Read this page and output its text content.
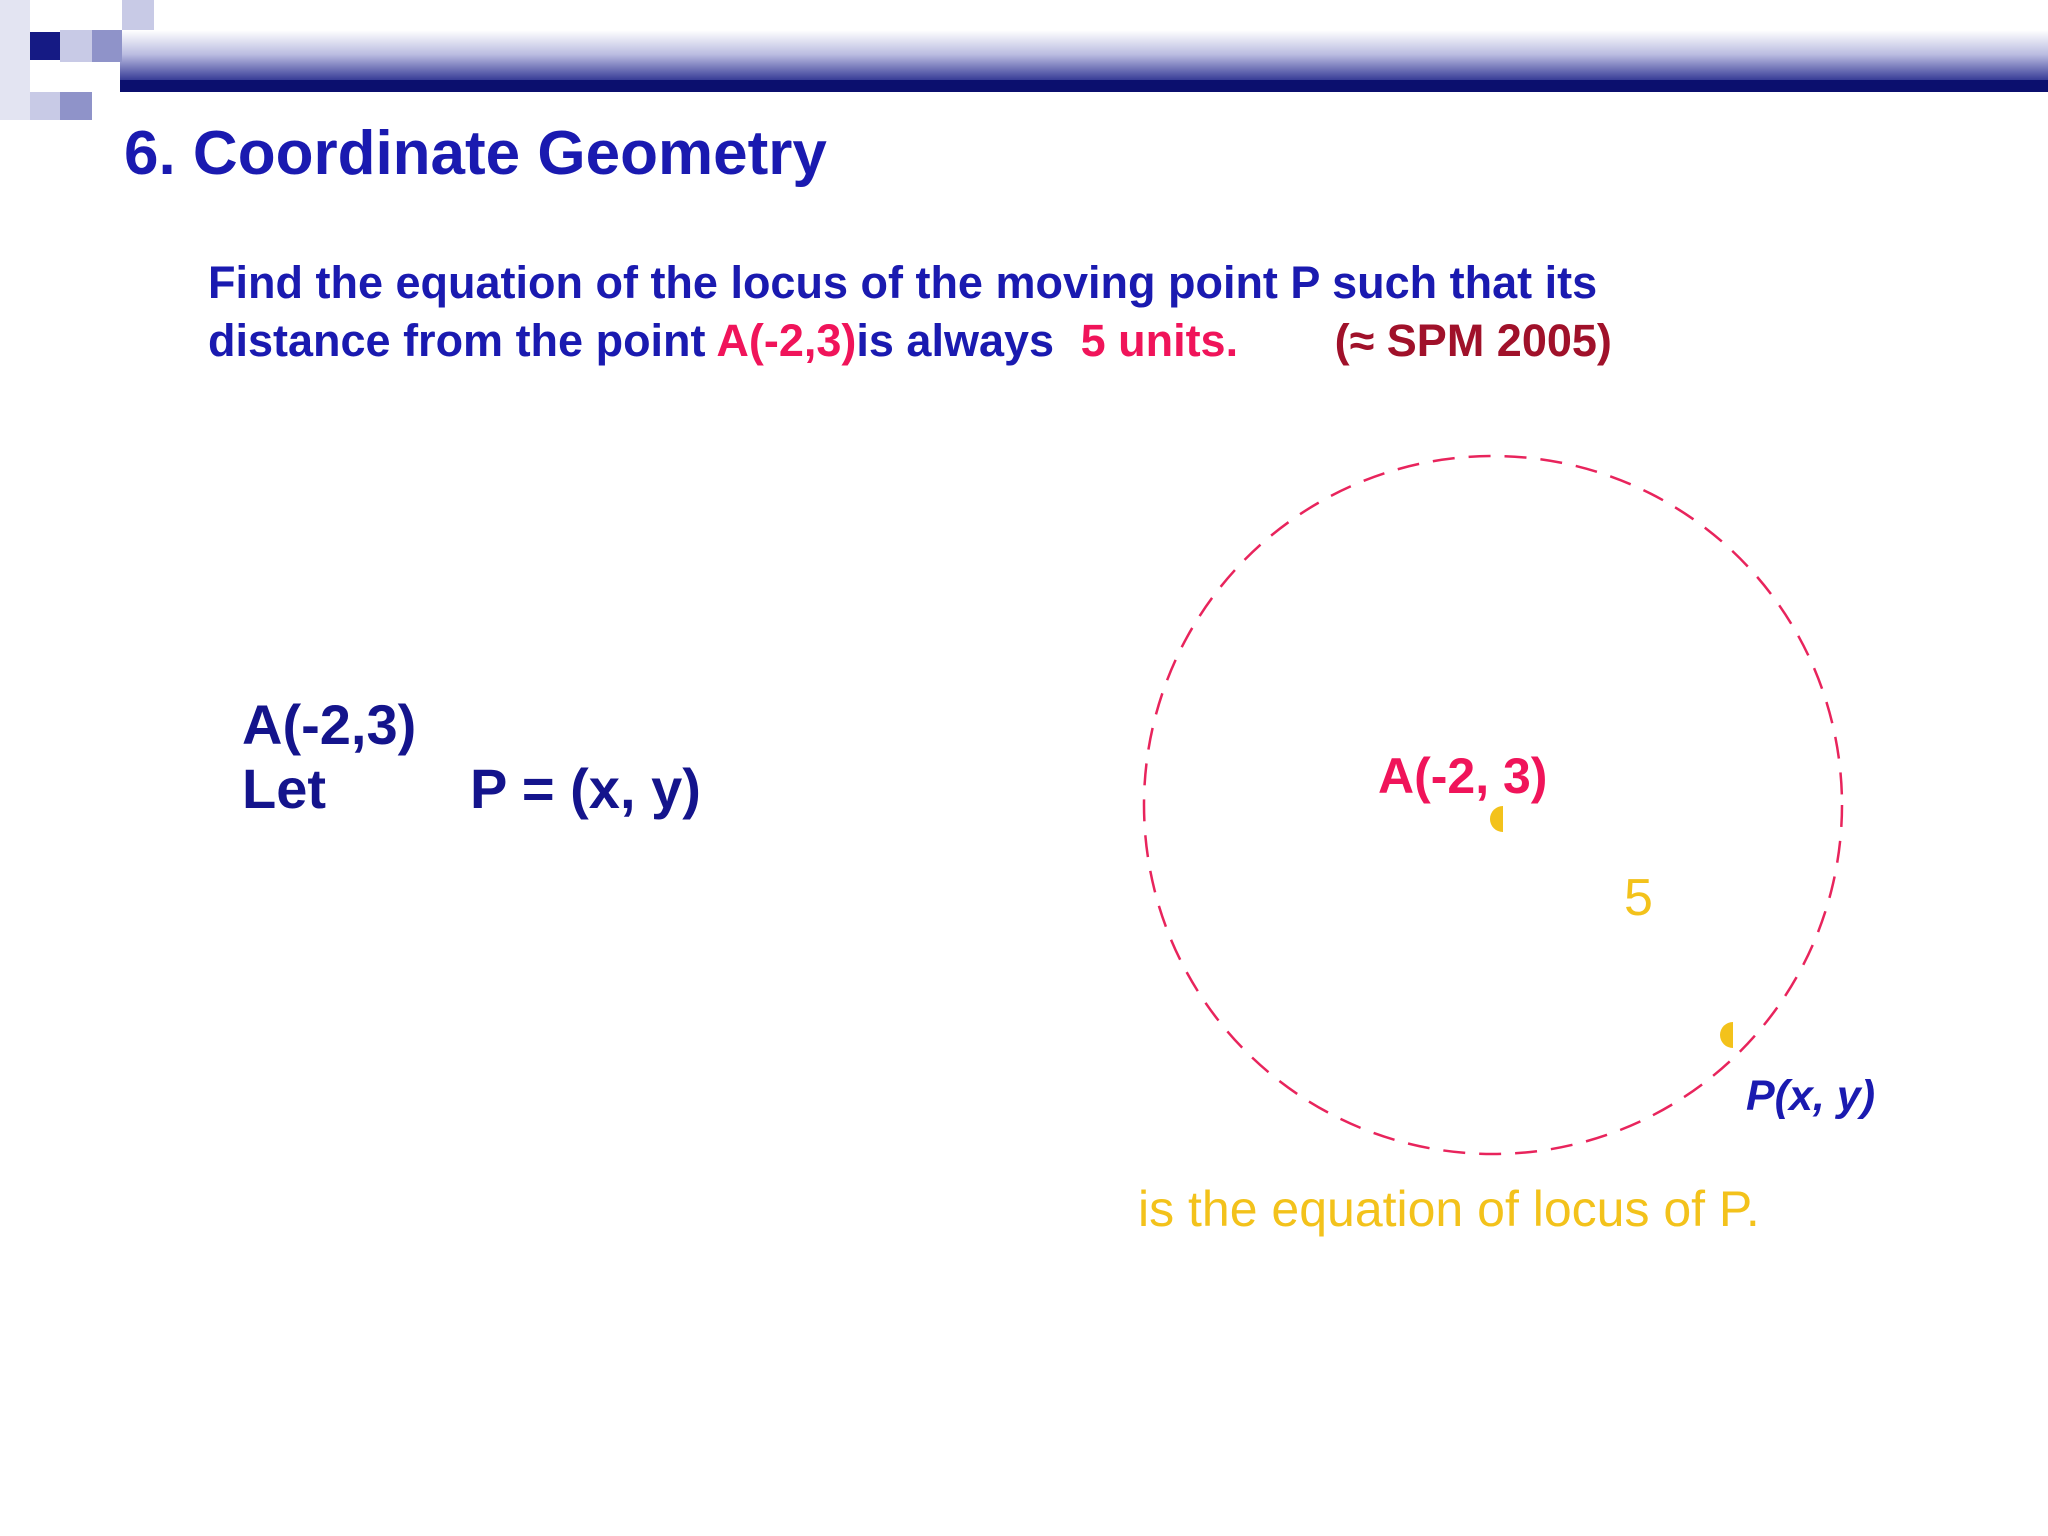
6. Coordinate Geometry
Find the equation of the locus of the moving point P such that its
distance from the point A(-2,3)is always 5 units. (≈ SPM 2005)
A(-2,3)
Let	P = (x, y)	A(-2, 3)
5
P(x, y)
is the equation of locus of P.
